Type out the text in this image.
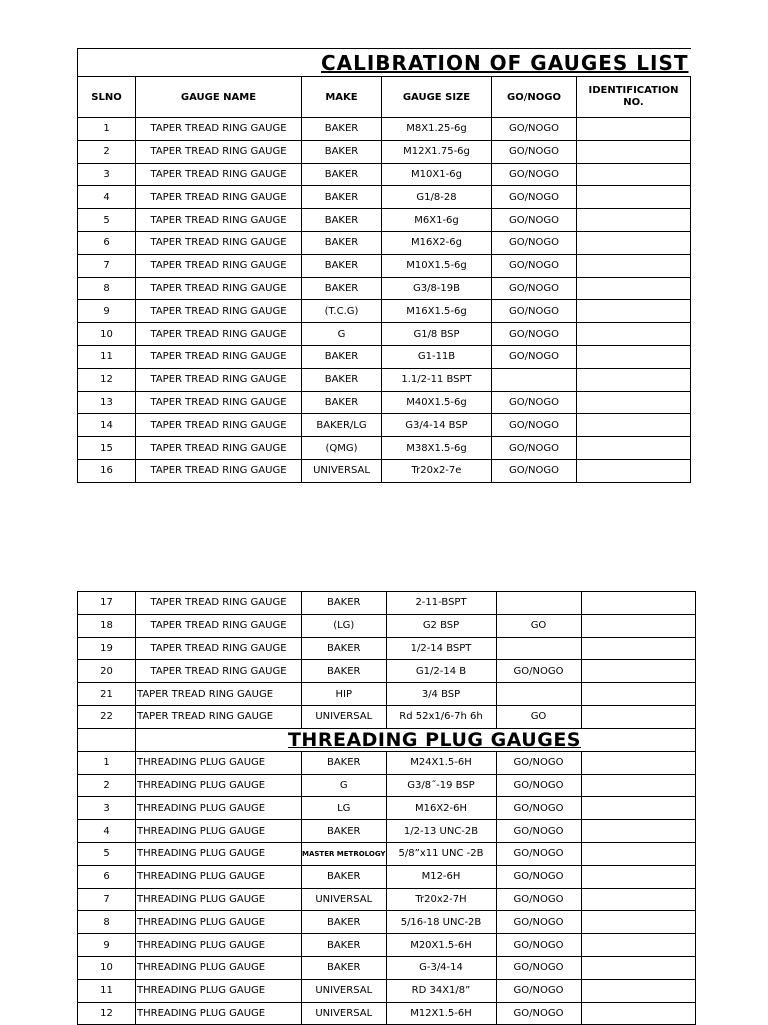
CALIBRATION OF GAUGES LIST					
SLNO	GAUGE NAME	MAKE	GAUGE SIZE	GO/NOGO	IDENTIFICATION NO.
1	TAPER TREAD RING GAUGE	BAKER	M8X1.25-6g	GO/NOGO	
2	TAPER TREAD RING GAUGE	BAKER	M12X1.75-6g	GO/NOGO	
3	TAPER TREAD RING GAUGE	BAKER	M10X1-6g	GO/NOGO	
4	TAPER TREAD RING GAUGE	BAKER	G1/8-28	GO/NOGO	
5	TAPER TREAD RING GAUGE	BAKER	M6X1-6g	GO/NOGO	
6	TAPER TREAD RING GAUGE	BAKER	M16X2-6g	GO/NOGO	
7	TAPER TREAD RING GAUGE	BAKER	M10X1.5-6g	GO/NOGO	
8	TAPER TREAD RING GAUGE	BAKER	G3/8-19B	GO/NOGO	
9	TAPER TREAD RING GAUGE	(T.C.G)	M16X1.5-6g	GO/NOGO	
10	TAPER TREAD RING GAUGE	G	G1/8 BSP	GO/NOGO	
11	TAPER TREAD RING GAUGE	BAKER	G1-11B	GO/NOGO	
12	TAPER TREAD RING GAUGE	BAKER	1.1/2-11 BSPT		
13	TAPER TREAD RING GAUGE	BAKER	M40X1.5-6g	GO/NOGO	
14	TAPER TREAD RING GAUGE	BAKER/LG	G3/4-14 BSP	GO/NOGO	
15	TAPER TREAD RING GAUGE	(QMG)	M38X1.5-6g	GO/NOGO	
16	TAPER TREAD RING GAUGE	UNIVERSAL	Tr20x2-7e	GO/NOGO	
17	TAPER TREAD RING GAUGE	BAKER	2-11-BSPT		
18	TAPER TREAD RING GAUGE	(LG)	G2 BSP	GO	
19	TAPER TREAD RING GAUGE	BAKER	1/2-14 BSPT		
20	TAPER TREAD RING GAUGE	BAKER	G1/2-14 B	GO/NOGO	
21	TAPER TREAD RING GAUGE	HIP	3/4 BSP		
22	TAPER TREAD RING GAUGE	UNIVERSAL	Rd 52x1/6-7h 6h	GO	
	THREADING PLUG GAUGES				
1	THREADING PLUG GAUGE	BAKER	M24X1.5-6H	GO/NOGO	
2	THREADING PLUG GAUGE	G	G3/8˝-19 BSP	GO/NOGO	
3	THREADING PLUG GAUGE	LG	M16X2-6H	GO/NOGO	
4	THREADING PLUG GAUGE	BAKER	1/2-13 UNC-2B	GO/NOGO	
5	THREADING PLUG GAUGE	MASTER METROLOGY	5/8”x11 UNC -2B	GO/NOGO	
6	THREADING PLUG GAUGE	BAKER	M12-6H	GO/NOGO	
7	THREADING PLUG GAUGE	UNIVERSAL	Tr20x2-7H	GO/NOGO	
8	THREADING PLUG GAUGE	BAKER	5/16-18 UNC-2B	GO/NOGO	
9	THREADING PLUG GAUGE	BAKER	M20X1.5-6H	GO/NOGO	
10	THREADING PLUG GAUGE	BAKER	G-3/4-14	GO/NOGO	
11	THREADING PLUG GAUGE	UNIVERSAL	RD 34X1/8”	GO/NOGO	
12	THREADING PLUG GAUGE	UNIVERSAL	M12X1.5-6H	GO/NOGO	
